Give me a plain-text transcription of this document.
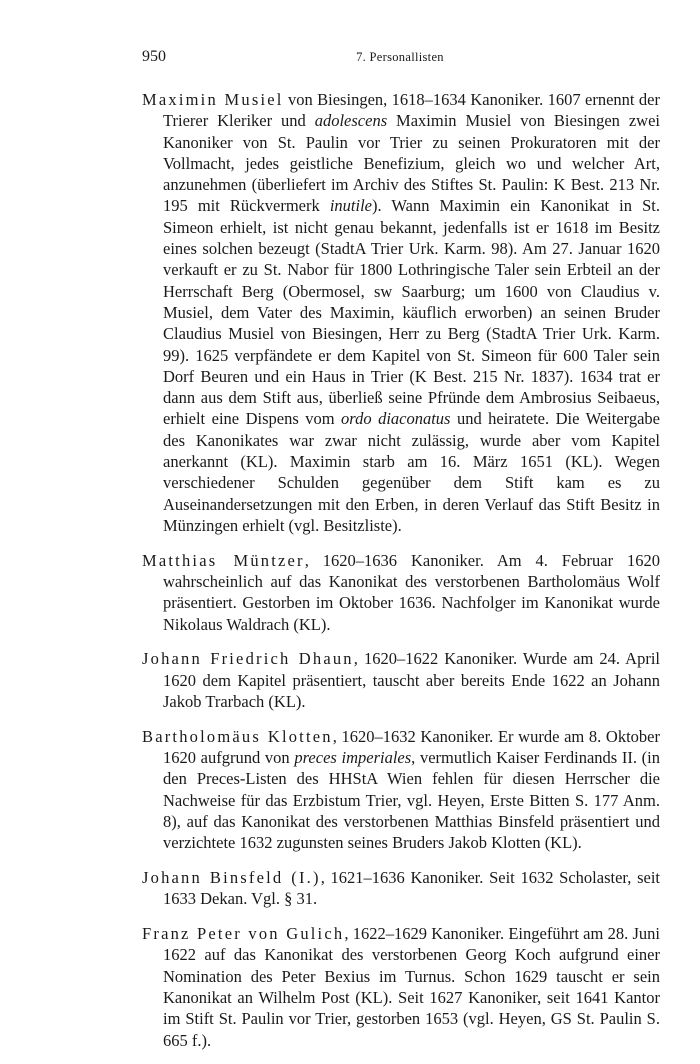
950	7. Personallisten

Maximin Musiel von Biesingen, 1618–1634 Kanoniker. 1607 ernennt der Trierer Kleriker und adolescens Maximin Musiel von Biesingen zwei Kanoniker von St. Paulin vor Trier zu seinen Prokuratoren mit der Vollmacht, jedes geistliche Benefizium, gleich wo und welcher Art, anzunehmen (überliefert im Archiv des Stiftes St. Paulin: K Best. 213 Nr. 195 mit Rückvermerk inutile). Wann Maximin ein Kanonikat in St. Simeon erhielt, ist nicht genau bekannt, jedenfalls ist er 1618 im Besitz eines solchen bezeugt (StadtA Trier Urk. Karm. 98). Am 27. Januar 1620 verkauft er zu St. Nabor für 1800 Lothringische Taler sein Erbteil an der Herrschaft Berg (Obermosel, sw Saarburg; um 1600 von Claudius v. Musiel, dem Vater des Maximin, käuflich erworben) an seinen Bruder Claudius Musiel von Biesingen, Herr zu Berg (StadtA Trier Urk. Karm. 99). 1625 verpfändete er dem Kapitel von St. Simeon für 600 Taler sein Dorf Beuren und ein Haus in Trier (K Best. 215 Nr. 1837). 1634 trat er dann aus dem Stift aus, überließ seine Pfründe dem Ambrosius Seibaeus, erhielt eine Dispens vom ordo diaconatus und heiratete. Die Weitergabe des Kanonikates war zwar nicht zulässig, wurde aber vom Kapitel anerkannt (KL). Maximin starb am 16. März 1651 (KL). Wegen verschiedener Schulden gegenüber dem Stift kam es zu Auseinandersetzungen mit den Erben, in deren Verlauf das Stift Besitz in Münzingen erhielt (vgl. Besitzliste).

Matthias Müntzer, 1620–1636 Kanoniker. Am 4. Februar 1620 wahrscheinlich auf das Kanonikat des verstorbenen Bartholomäus Wolf präsentiert. Gestorben im Oktober 1636. Nachfolger im Kanonikat wurde Nikolaus Waldrach (KL).

Johann Friedrich Dhaun, 1620–1622 Kanoniker. Wurde am 24. April 1620 dem Kapitel präsentiert, tauscht aber bereits Ende 1622 an Johann Jakob Trarbach (KL).

Bartholomäus Klotten, 1620–1632 Kanoniker. Er wurde am 8. Oktober 1620 aufgrund von preces imperiales, vermutlich Kaiser Ferdinands II. (in den Preces-Listen des HHStA Wien fehlen für diesen Herrscher die Nachweise für das Erzbistum Trier, vgl. Heyen, Erste Bitten S. 177 Anm. 8), auf das Kanonikat des verstorbenen Matthias Binsfeld präsentiert und verzichtete 1632 zugunsten seines Bruders Jakob Klotten (KL).

Johann Binsfeld (I.), 1621–1636 Kanoniker. Seit 1632 Scholaster, seit 1633 Dekan. Vgl. § 31.

Franz Peter von Gulich, 1622–1629 Kanoniker. Eingeführt am 28. Juni 1622 auf das Kanonikat des verstorbenen Georg Koch aufgrund einer Nomination des Peter Bexius im Turnus. Schon 1629 tauscht er sein Kanonikat an Wilhelm Post (KL). Seit 1627 Kanoniker, seit 1641 Kantor im Stift St. Paulin vor Trier, gestorben 1653 (vgl. Heyen, GS St. Paulin S. 665 f.).
